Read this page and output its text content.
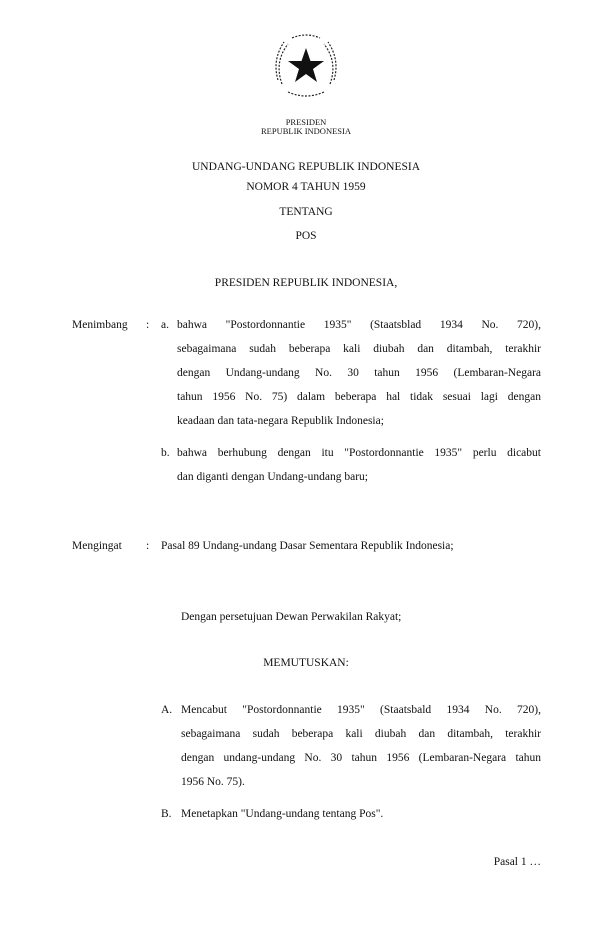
PRESIDEN
REPUBLIK INDONESIA
UNDANG-UNDANG REPUBLIK INDONESIA
NOMOR 4 TAHUN 1959
TENTANG
POS
PRESIDEN REPUBLIK INDONESIA,
Menimbang : a. bahwa "Postordonnantie 1935" (Staatsblad 1934 No. 720),
sebagaimana sudah beberapa kali diubah dan ditambah, terakhir
dengan Undang-undang No. 30 tahun 1956 (Lembaran-Negara
tahun 1956 No. 75) dalam beberapa hal tidak sesuai lagi dengan
keadaan dan tata-negara Republik Indonesia;
b. bahwa berhubung dengan itu "Postordonnantie 1935" perlu dicabut
dan diganti dengan Undang-undang baru;
Mengingat : Pasal 89 Undang-undang Dasar Sementara Republik Indonesia;
Dengan persetujuan Dewan Perwakilan Rakyat;
MEMUTUSKAN:
A. Mencabut "Postordonnantie 1935" (Staatsbald 1934 No. 720),
sebagaimana sudah beberapa kali diubah dan ditambah, terakhir
dengan undang-undang No. 30 tahun 1956 (Lembaran-Negara tahun
1956 No. 75).
B. Menetapkan "Undang-undang tentang Pos".
Pasal 1 …
